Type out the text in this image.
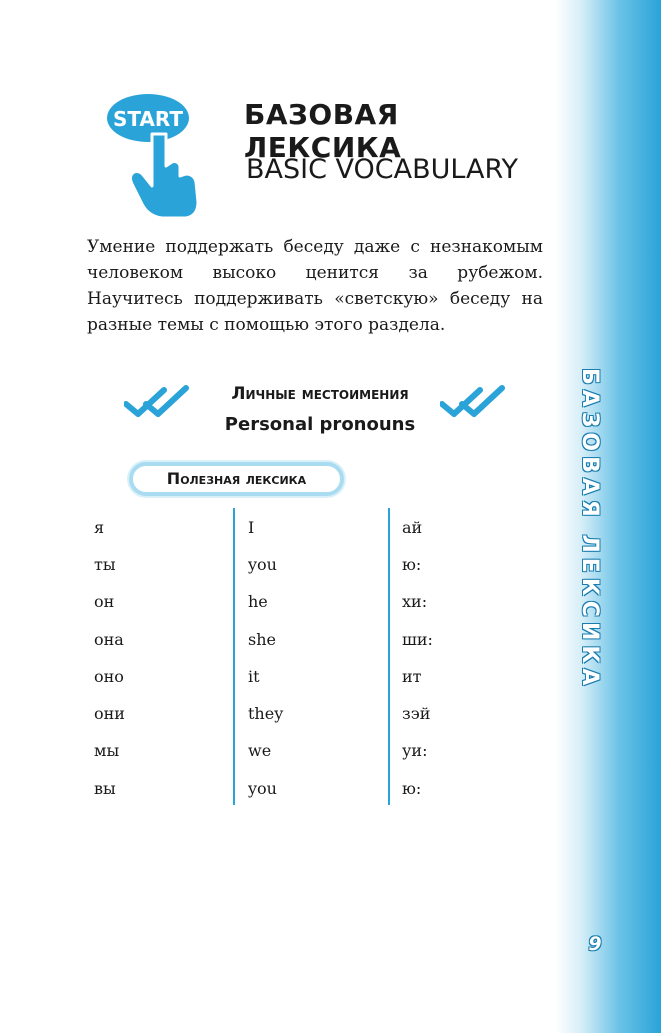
БАЗОВАЯ ЛЕКСИКА
9
START БАЗОВАЯ ЛЕКСИКА
BASIC VOCABULARY

Умение поддержать беседу даже с незнакомым человеком высоко ценится за рубежом. Научитесь поддерживать «светскую» беседу на разные темы с помощью этого раздела.

Личные местоимения
Personal pronouns
Полезная лексика
я	I	ай
ты	you	ю:
он	he	хи:
она	she	ши:
оно	it	ит
они	they	зэй
мы	we	уи:
вы	you	ю:
